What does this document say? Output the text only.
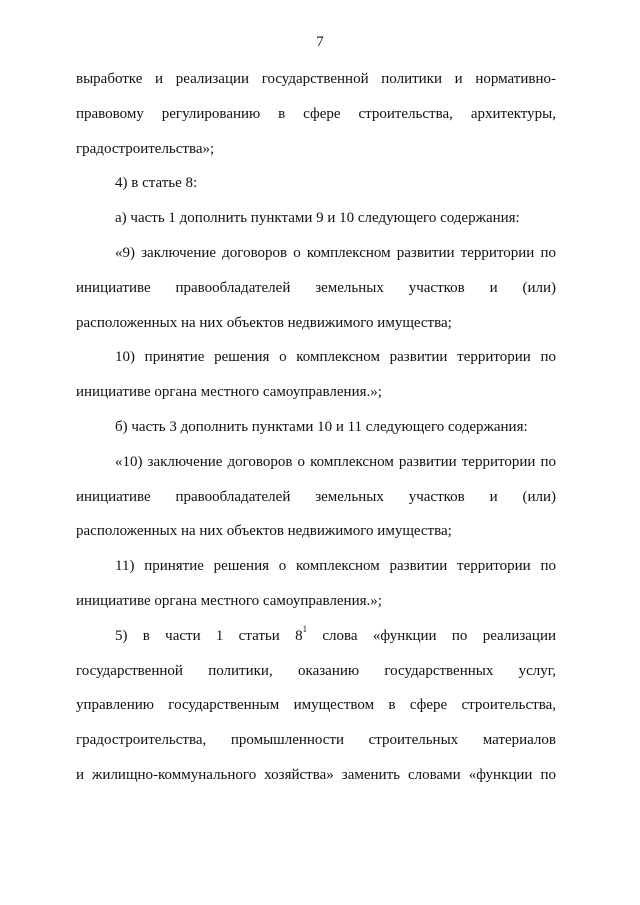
7
выработке и реализации государственной политики и нормативно-
правовому регулированию в сфере строительства, архитектуры,
градостроительства»;
4) в статье 8:
а) часть 1 дополнить пунктами 9 и 10 следующего содержания:
«9) заключение договоров о комплексном развитии территории по
инициативе правообладателей земельных участков и (или)
расположенных на них объектов недвижимого имущества;
10) принятие решения о комплексном развитии территории по
инициативе органа местного самоуправления.»;
б) часть 3 дополнить пунктами 10 и 11 следующего содержания:
«10) заключение договоров о комплексном развитии территории по
инициативе правообладателей земельных участков и (или)
расположенных на них объектов недвижимого имущества;
11) принятие решения о комплексном развитии территории по
инициативе органа местного самоуправления.»;
5) в части 1 статьи $8^1$ слова «функции по реализации
государственной политики, оказанию государственных услуг,
управлению государственным имуществом в сфере строительства,
градостроительства, промышленности строительных материалов
и жилищно-коммунального хозяйства» заменить словами «функции по
